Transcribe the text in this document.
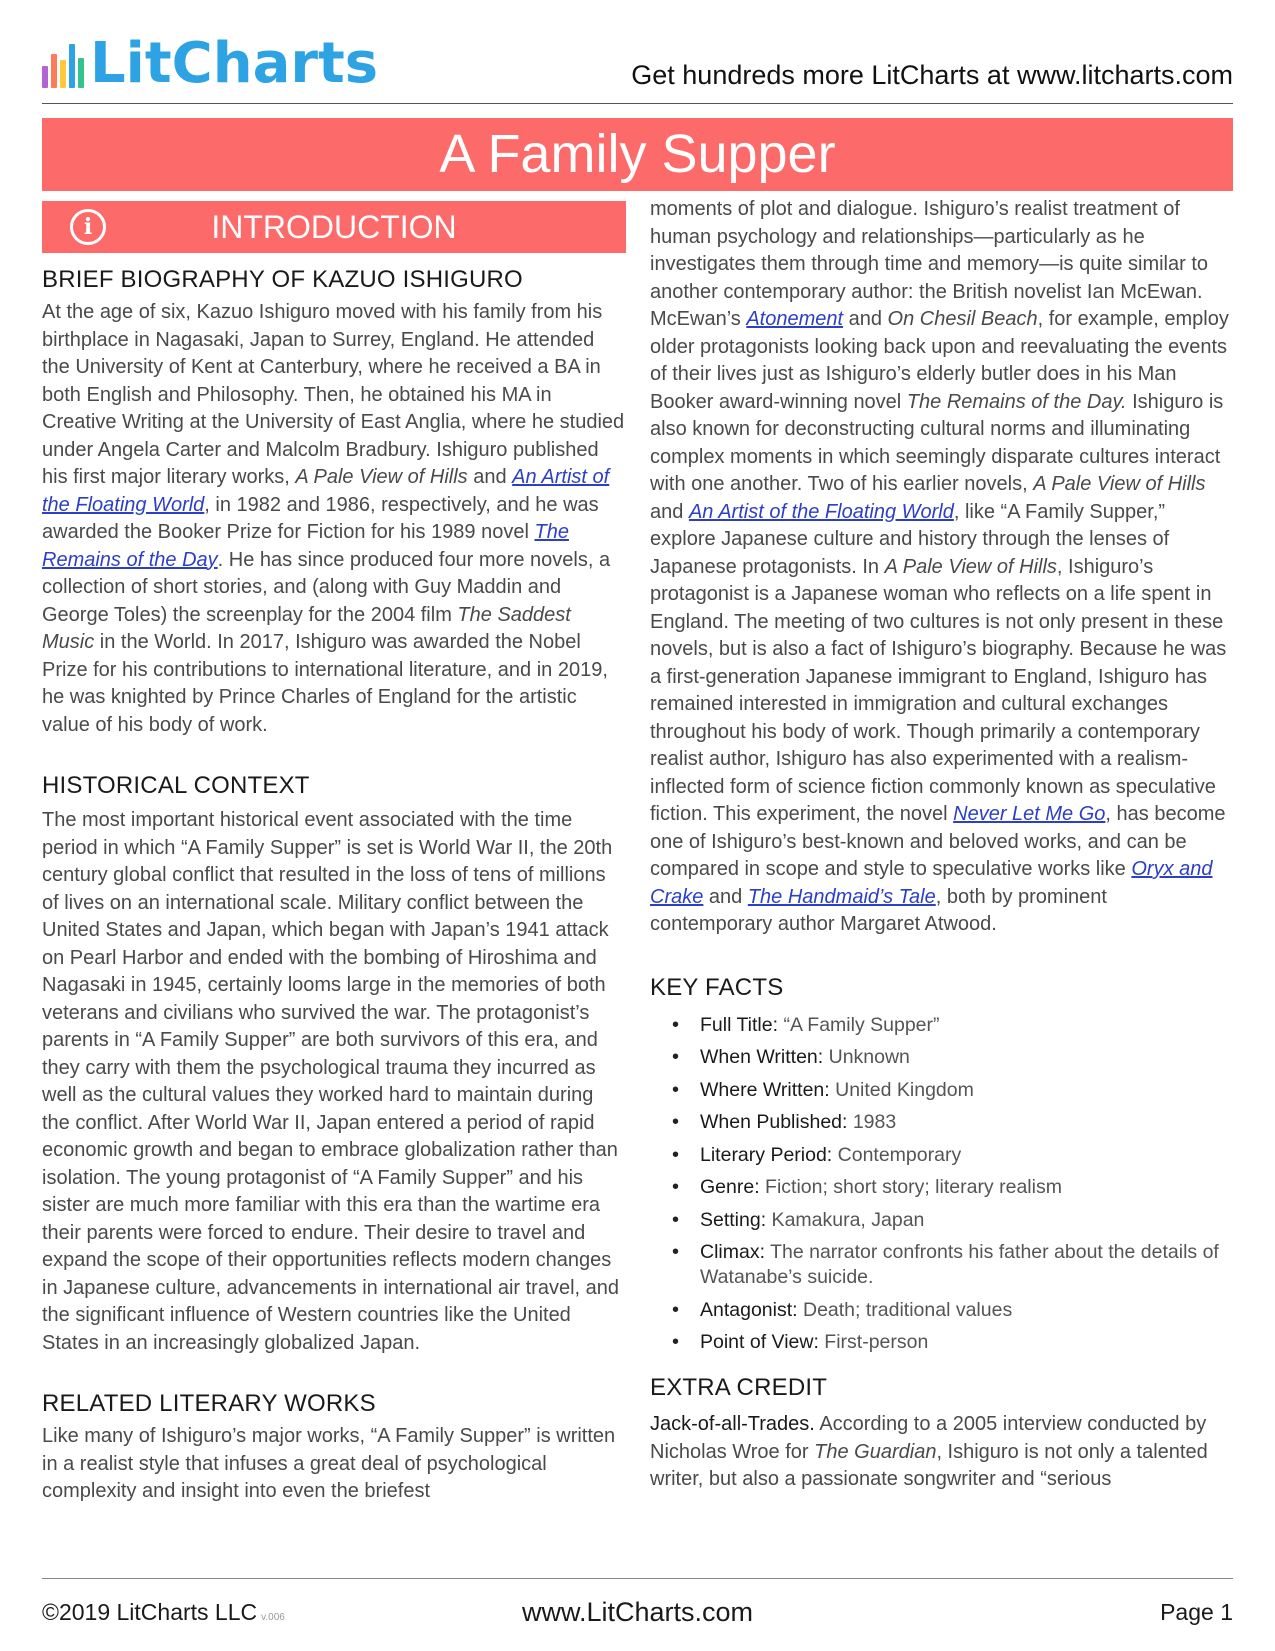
LitCharts	Get hundreds more LitCharts at www.litcharts.com
A Family Supper
INTRODUCTION
i
BRIEF BIOGRAPHY OF KAZUO ISHIGURO

At the age of six, Kazuo Ishiguro moved with his family from his birthplace in Nagasaki, Japan to Surrey, England. He attended the University of Kent at Canterbury, where he received a BA in both English and Philosophy. Then, he obtained his MA in Creative Writing at the University of East Anglia, where he studied under Angela Carter and Malcolm Bradbury. Ishiguro published his first major literary works, A Pale View of Hills and An Artist of the Floating World, in 1982 and 1986, respectively, and he was awarded the Booker Prize for Fiction for his 1989 novel The Remains of the Day. He has since produced four more novels, a collection of short stories, and (along with Guy Maddin and George Toles) the screenplay for the 2004 film The Saddest Music in the World. In 2017, Ishiguro was awarded the Nobel Prize for his contributions to international literature, and in 2019, he was knighted by Prince Charles of England for the artistic value of his body of work.

HISTORICAL CONTEXT

The most important historical event associated with the time period in which “A Family Supper” is set is World War II, the 20th century global conflict that resulted in the loss of tens of millions of lives on an international scale. Military conflict between the United States and Japan, which began with Japan’s 1941 attack on Pearl Harbor and ended with the bombing of Hiroshima and Nagasaki in 1945, certainly looms large in the memories of both veterans and civilians who survived the war. The protagonist’s parents in “A Family Supper” are both survivors of this era, and they carry with them the psychological trauma they incurred as well as the cultural values they worked hard to maintain during the conflict. After World War II, Japan entered a period of rapid economic growth and began to embrace globalization rather than isolation. The young protagonist of “A Family Supper” and his sister are much more familiar with this era than the wartime era their parents were forced to endure. Their desire to travel and expand the scope of their opportunities reflects modern changes in Japanese culture, advancements in international air travel, and the significant influence of Western countries like the United States in an increasingly globalized Japan.

RELATED LITERARY WORKS

Like many of Ishiguro’s major works, “A Family Supper” is written in a realist style that infuses a great deal of psychological complexity and insight into even the briefest

moments of plot and dialogue. Ishiguro’s realist treatment of human psychology and relationships—particularly as he investigates them through time and memory—is quite similar to another contemporary author: the British novelist Ian McEwan. McEwan’s Atonement and On Chesil Beach, for example, employ older protagonists looking back upon and reevaluating the events of their lives just as Ishiguro’s elderly butler does in his Man Booker award-winning novel The Remains of the Day. Ishiguro is also known for deconstructing cultural norms and illuminating complex moments in which seemingly disparate cultures interact with one another. Two of his earlier novels, A Pale View of Hills and An Artist of the Floating World, like “A Family Supper,” explore Japanese culture and history through the lenses of Japanese protagonists. In A Pale View of Hills, Ishiguro’s protagonist is a Japanese woman who reflects on a life spent in England. The meeting of two cultures is not only present in these novels, but is also a fact of Ishiguro’s biography. Because he was a first-generation Japanese immigrant to England, Ishiguro has remained interested in immigration and cultural exchanges throughout his body of work. Though primarily a contemporary realist author, Ishiguro has also experimented with a realism-inflected form of science fiction commonly known as speculative fiction. This experiment, the novel Never Let Me Go, has become one of Ishiguro’s best-known and beloved works, and can be compared in scope and style to speculative works like Oryx and Crake and The Handmaid’s Tale, both by prominent contemporary author Margaret Atwood.

KEY FACTS
• Full Title: “A Family Supper”
• When Written: Unknown
• Where Written: United Kingdom
• When Published: 1983
• Literary Period: Contemporary
• Genre: Fiction; short story; literary realism
• Setting: Kamakura, Japan
• Climax: The narrator confronts his father about the details of Watanabe’s suicide.
• Antagonist: Death; traditional values
• Point of View: First-person
EXTRA CREDIT

Jack-of-all-Trades. According to a 2005 interview conducted by Nicholas Wroe for The Guardian, Ishiguro is not only a talented writer, but also a passionate songwriter and “serious

©2019 LitCharts LLC v.006	www.LitCharts.com	Page 1
